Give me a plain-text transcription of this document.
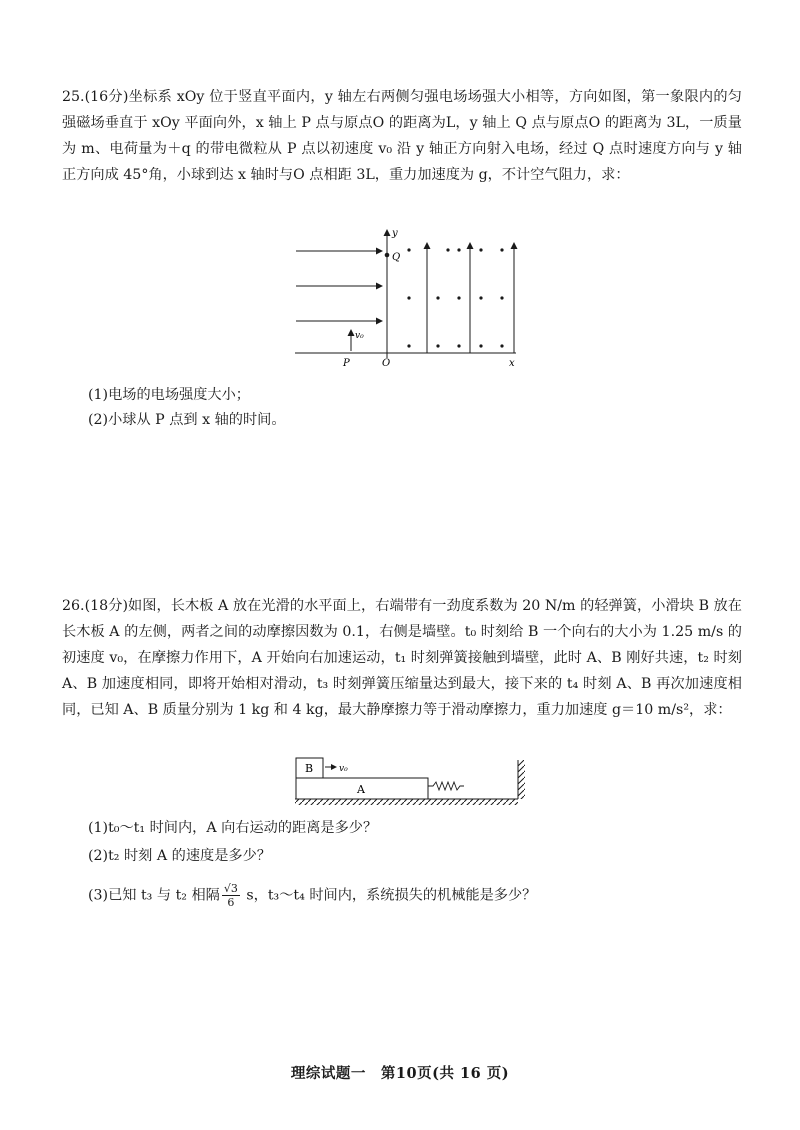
25.(16分)坐标系 xOy 位于竖直平面内，y 轴左右两侧匀强电场场强大小相等，方向如图，第一象限内的匀强磁场垂直于 xOy 平面向外，x 轴上 P 点与原点O 的距离为L，y 轴上 Q 点与原点O 的距离为 3L，一质量为 m、电荷量为＋q 的带电微粒从 P 点以初速度 v₀ 沿 y 轴正方向射入电场，经过 Q 点时速度方向与 y 轴正方向成 45°角，小球到达 x 轴时与O 点相距 3L，重力加速度为 g，不计空气阻力，求：

y
Q
v₀
P	O	x
(1)电场的电场强度大小；
(2)小球从 P 点到 x 轴的时间。

26.(18分)如图，长木板 A 放在光滑的水平面上，右端带有一劲度系数为 20 N/m 的轻弹簧，小滑块 B 放在长木板 A 的左侧，两者之间的动摩擦因数为 0.1，右侧是墙壁。t₀ 时刻给 B 一个向右的大小为 1.25 m/s 的初速度 v₀，在摩擦力作用下，A 开始向右加速运动，t₁ 时刻弹簧接触到墙壁，此时 A、B 刚好共速，t₂ 时刻 A、B 加速度相同，即将开始相对滑动，t₃ 时刻弹簧压缩量达到最大，接下来的 t₄ 时刻 A、B 再次加速度相同，已知 A、B 质量分别为 1 kg 和 4 kg，最大静摩擦力等于滑动摩擦力，重力加速度 g＝10 m/s²，求：

A
B	v₀
(1)t₀～t₁ 时间内，A 向右运动的距离是多少？
(2)t₂ 时刻 A 的速度是多少？
(3)已知 t₃ 与 t₂ 相隔 $\frac{√3}{6}$ s，t₃～t₄ 时间内，系统损失的机械能是多少？
理综试题一　第10页(共 16 页)
